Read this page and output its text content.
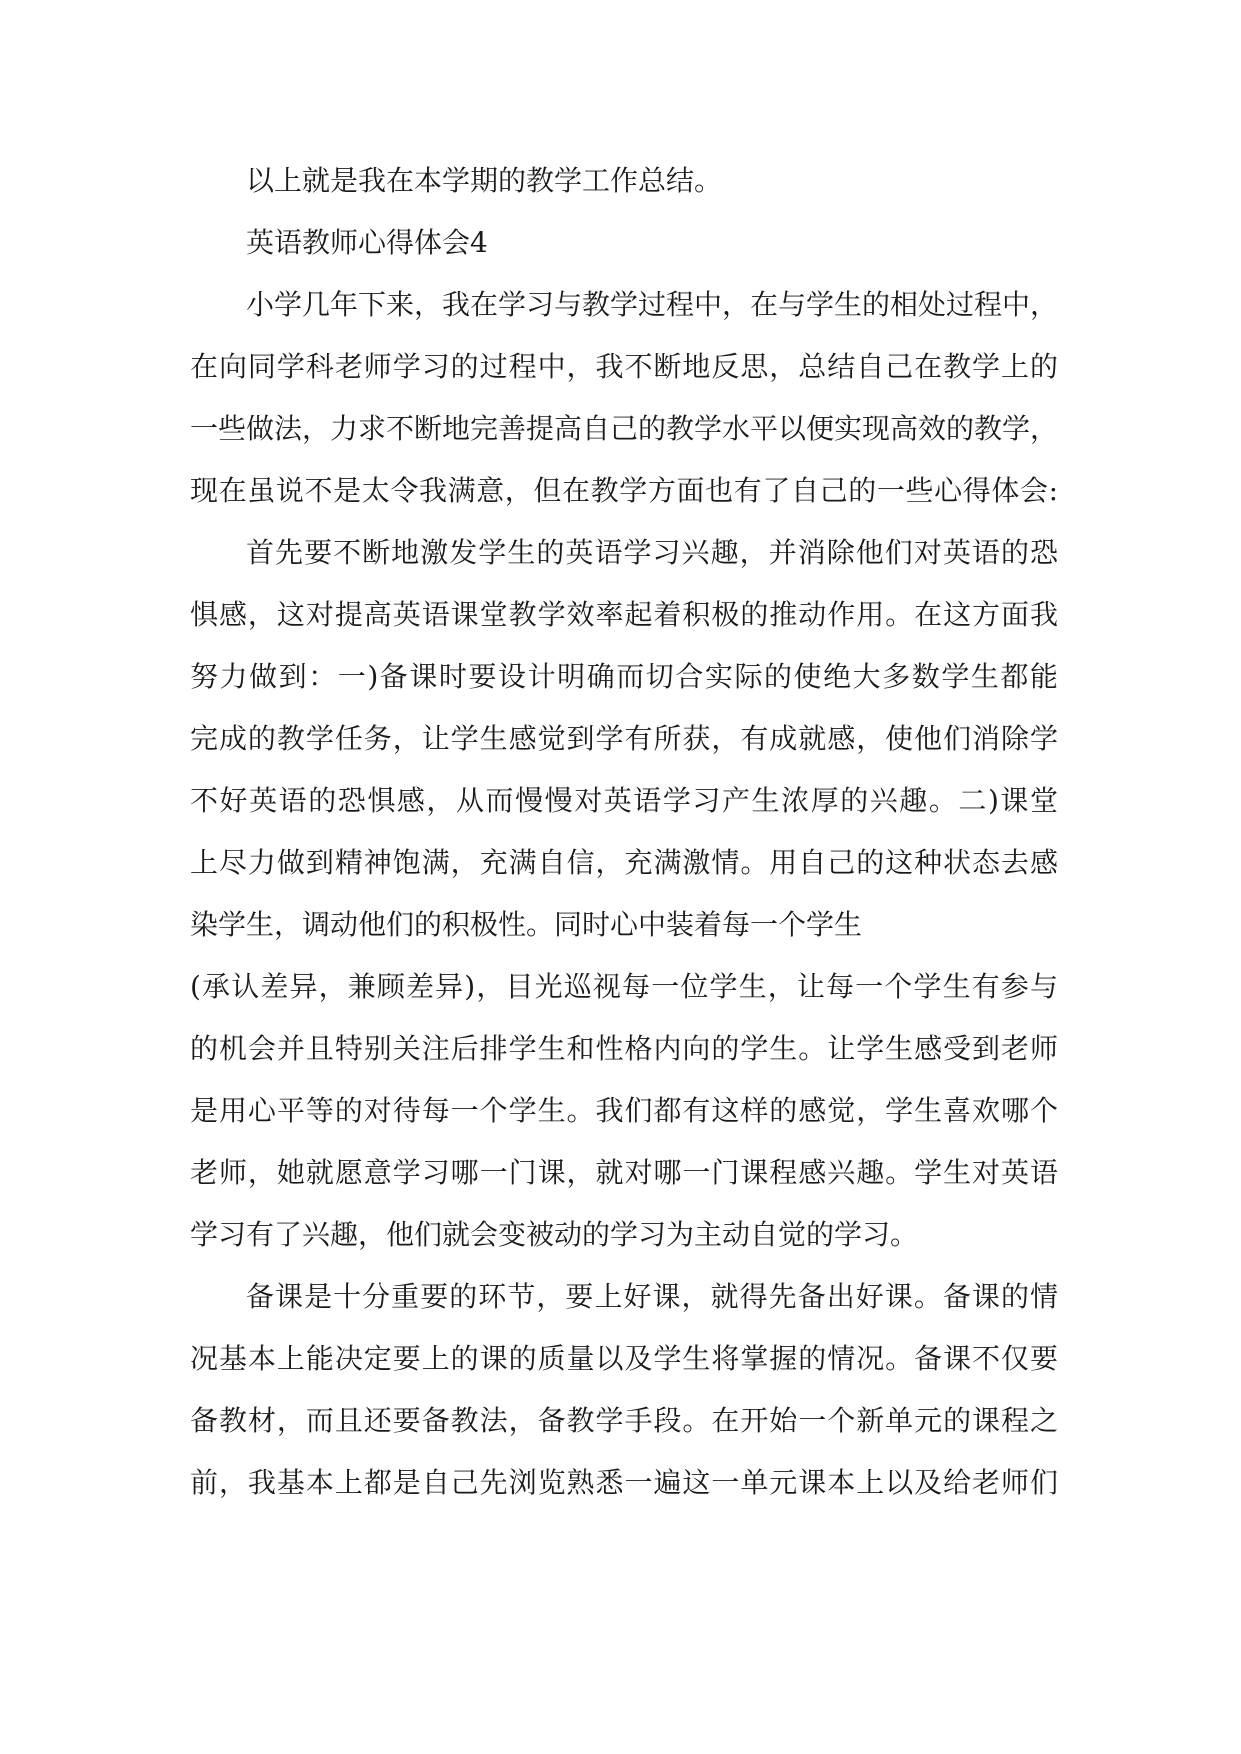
以上就是我在本学期的教学工作总结。
英语教师心得体会4
小学几年下来，我在学习与教学过程中，在与学生的相处过程中，
在向同学科老师学习的过程中，我不断地反思，总结自己在教学上的
一些做法，力求不断地完善提高自己的教学水平以便实现高效的教学，
现在虽说不是太令我满意，但在教学方面也有了自己的一些心得体会:
首先要不断地激发学生的英语学习兴趣，并消除他们对英语的恐
惧感，这对提高英语课堂教学效率起着积极的推动作用。在这方面我
努力做到：一)备课时要设计明确而切合实际的使绝大多数学生都能
完成的教学任务，让学生感觉到学有所获，有成就感，使他们消除学
不好英语的恐惧感，从而慢慢对英语学习产生浓厚的兴趣。二)课堂
上尽力做到精神饱满，充满自信，充满激情。用自己的这种状态去感
染学生，调动他们的积极性。同时心中装着每一个学生
(承认差异，兼顾差异)，目光巡视每一位学生，让每一个学生有参与
的机会并且特别关注后排学生和性格内向的学生。让学生感受到老师
是用心平等的对待每一个学生。我们都有这样的感觉，学生喜欢哪个
老师，她就愿意学习哪一门课，就对哪一门课程感兴趣。学生对英语
学习有了兴趣，他们就会变被动的学习为主动自觉的学习。
备课是十分重要的环节，要上好课，就得先备出好课。备课的情
况基本上能决定要上的课的质量以及学生将掌握的情况。备课不仅要
备教材，而且还要备教法，备教学手段。在开始一个新单元的课程之
前，我基本上都是自己先浏览熟悉一遍这一单元课本上以及给老师们
